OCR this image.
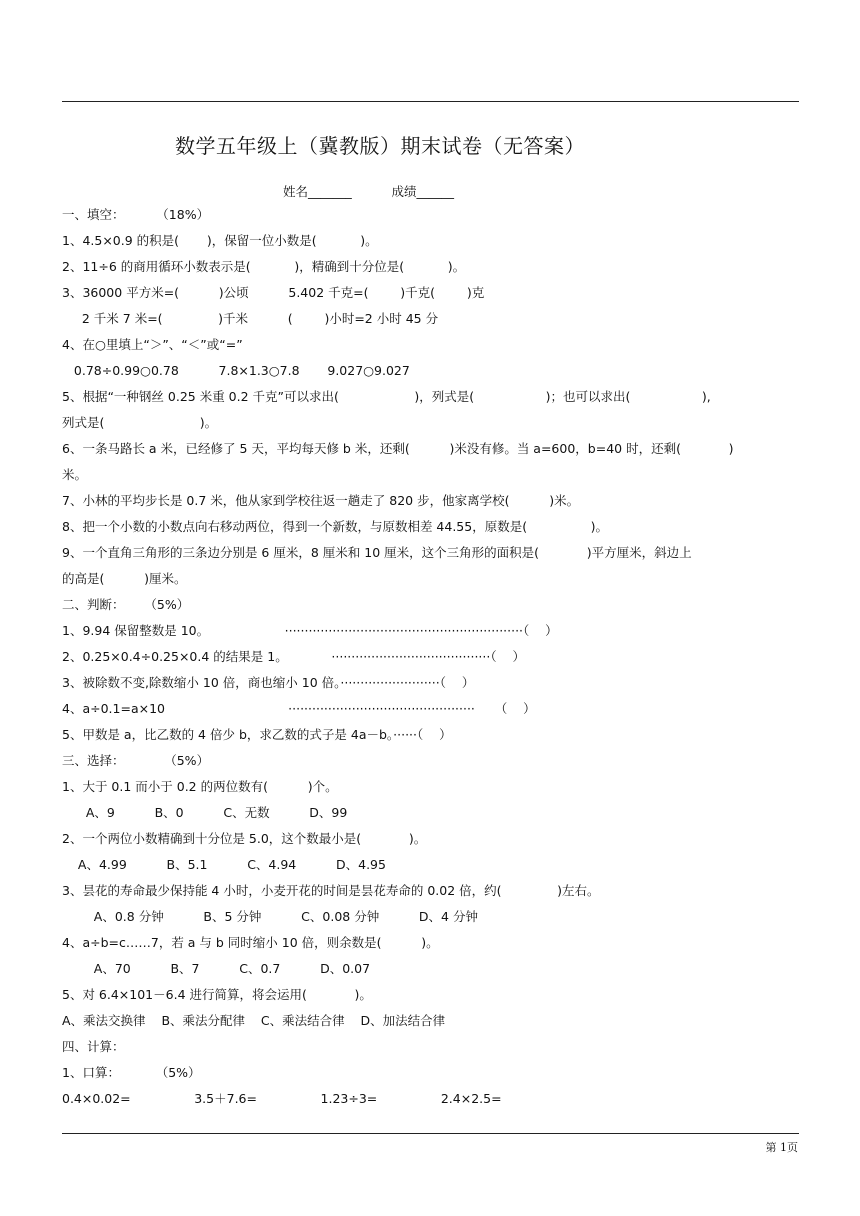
数学五年级上（冀教版）期末试卷（无答案）
姓名_______          成绩______
一、填空：        （18%）
1、4.5×0.9 的积是(       )，保留一位小数是(           )。
2、11÷6 的商用循环小数表示是(           )，精确到十分位是(           )。
3、36000 平方米=(          )公顷          5.402 千克=(        )千克(        )克
2 千米 7 米=(              )千米          (        )小时=2 小时 45 分
4、在○里填上“＞”、“＜”或“=”
0.78÷0.99○0.78          7.8×1.3○7.8       9.027○9.027
5、根据“一种钢丝 0.25 米重 0.2 千克”可以求出(                   )，列式是(                  )；也可以求出(                  ),
列式是(                        )。
6、一条马路长 a 米，已经修了 5 天，平均每天修 b 米，还剩(          )米没有修。当 a=600，b=40 时，还剩(            )
米。
7、小林的平均步长是 0.7 米，他从家到学校往返一趟走了 820 步，他家离学校(          )米。
8、把一个小数的小数点向右移动两位，得到一个新数，与原数相差 44.55，原数是(                )。
9、一个直角三角形的三条边分别是 6 厘米，8 厘米和 10 厘米，这个三角形的面积是(            )平方厘米，斜边上
的高是(          )厘米。
二、判断：     （5%）
1、9.94 保留整数是 10。                   ····························································（    ）
2、0.25×0.4÷0.25×0.4 的结果是 1。           ········································（    ）
3、被除数不变,除数缩小 10 倍，商也缩小 10 倍。·························（    ）
4、a÷0.1=a×10                               ···············································     （    ）
5、甲数是 a，比乙数的 4 倍少 b，求乙数的式子是 4a－b。······（    ）
三、选择：          （5%）
1、大于 0.1 而小于 0.2 的两位数有(          )个。
A、9          B、0          C、无数          D、99
2、一个两位小数精确到十分位是 5.0，这个数最小是(            )。
A、4.99          B、5.1          C、4.94          D、4.95
3、昙花的寿命最少保持能 4 小时，小麦开花的时间是昙花寿命的 0.02 倍，约(              )左右。
A、0.8 分钟          B、5 分钟          C、0.08 分钟          D、4 分钟
4、a÷b=c……7，若 a 与 b 同时缩小 10 倍，则余数是(          )。
A、70          B、7          C、0.7          D、0.07
5、对 6.4×101－6.4 进行简算，将会运用(            )。
A、乘法交换律    B、乘法分配律    C、乘法结合律    D、加法结合律
四、计算：
1、口算：         （5%）
0.4×0.02=                3.5＋7.6=                1.23÷3=                2.4×2.5=
第 1页
